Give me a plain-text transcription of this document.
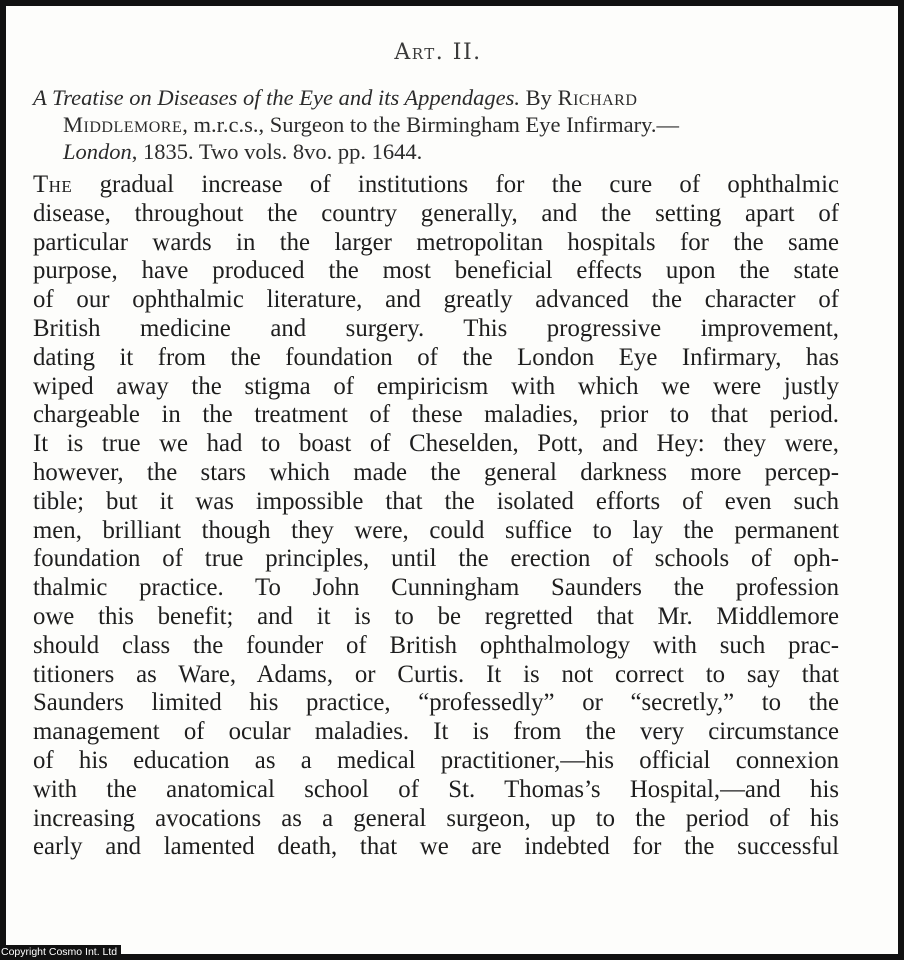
Art. II.
A Treatise on Diseases of the Eye and its Appendages. By Richard
Middlemore, m.r.c.s., Surgeon to the Birmingham Eye Infirmary.—
London, 1835. Two vols. 8vo. pp. 1644.
The gradual increase of institutions for the cure of ophthalmic
disease, throughout the country generally, and the setting apart of
particular wards in the larger metropolitan hospitals for the same
purpose, have produced the most beneficial effects upon the state
of our ophthalmic literature, and greatly advanced the character of
British medicine and surgery. This progressive improvement,
dating it from the foundation of the London Eye Infirmary, has
wiped away the stigma of empiricism with which we were justly
chargeable in the treatment of these maladies, prior to that period.
It is true we had to boast of Cheselden, Pott, and Hey: they were,
however, the stars which made the general darkness more percep-
tible; but it was impossible that the isolated efforts of even such
men, brilliant though they were, could suffice to lay the permanent
foundation of true principles, until the erection of schools of oph-
thalmic practice. To John Cunningham Saunders the profession
owe this benefit; and it is to be regretted that Mr. Middlemore
should class the founder of British ophthalmology with such prac-
titioners as Ware, Adams, or Curtis. It is not correct to say that
Saunders limited his practice, “professedly” or “secretly,” to the
management of ocular maladies. It is from the very circumstance
of his education as a medical practitioner,—his official connexion
with the anatomical school of St. Thomas’s Hospital,—and his
increasing avocations as a general surgeon, up to the period of his
early and lamented death, that we are indebted for the successful
Copyright Cosmo Int. Ltd
